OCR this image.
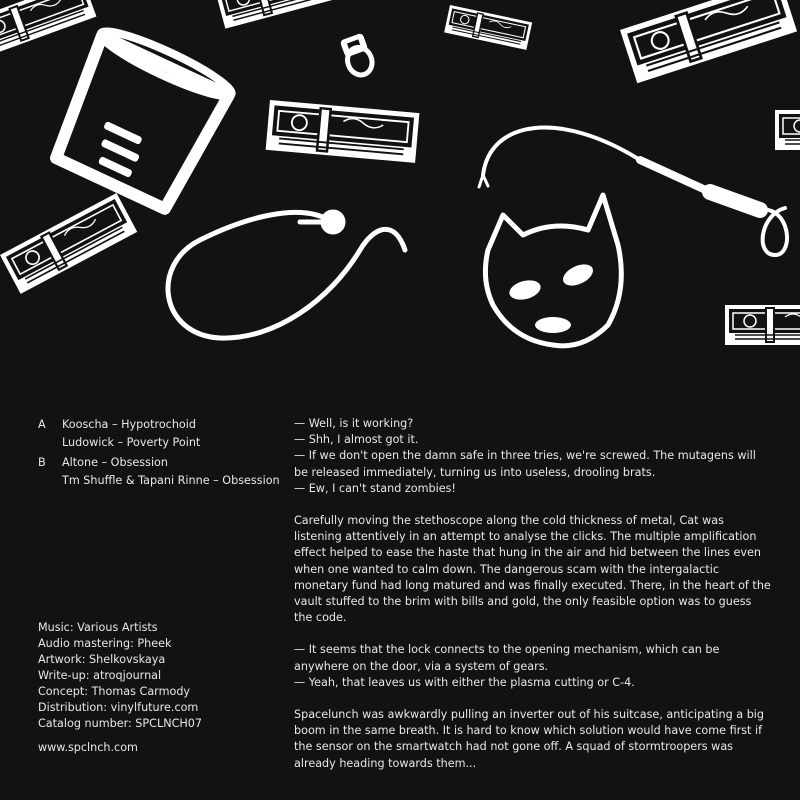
A	Kooscha – Hypotrochoid
Ludowick – Poverty Point
B	Altone – Obsession
Tm Shuffle & Tapani Rinne – Obsession
Music: Various Artists
Audio mastering: Pheek
Artwork: Shelkovskaya
Write-up: atroqjournal
Concept: Thomas Carmody
Distribution: vinylfuture.com
Catalog number: SPCLNCH07
www.spclnch.com
— Well, is it working?
— Shh, I almost got it.
— If we don't open the damn safe in three tries, we're screwed. The mutagens will be released immediately, turning us into useless, drooling brats.
— Ew, I can't stand zombies!
Carefully moving the stethoscope along the cold thickness of metal, Cat was listening attentively in an attempt to analyse the clicks. The multiple amplification effect helped to ease the haste that hung in the air and hid between the lines even when one wanted to calm down. The dangerous scam with the intergalactic monetary fund had long matured and was finally executed. There, in the heart of the vault stuffed to the brim with bills and gold, the only feasible option was to guess the code.
— It seems that the lock connects to the opening mechanism, which can be anywhere on the door, via a system of gears.
— Yeah, that leaves us with either the plasma cutting or C-4.
Spacelunch was awkwardly pulling an inverter out of his suitcase, anticipating a big boom in the same breath. It is hard to know which solution would have come first if the sensor on the smartwatch had not gone off. A squad of stormtroopers was already heading towards them...
